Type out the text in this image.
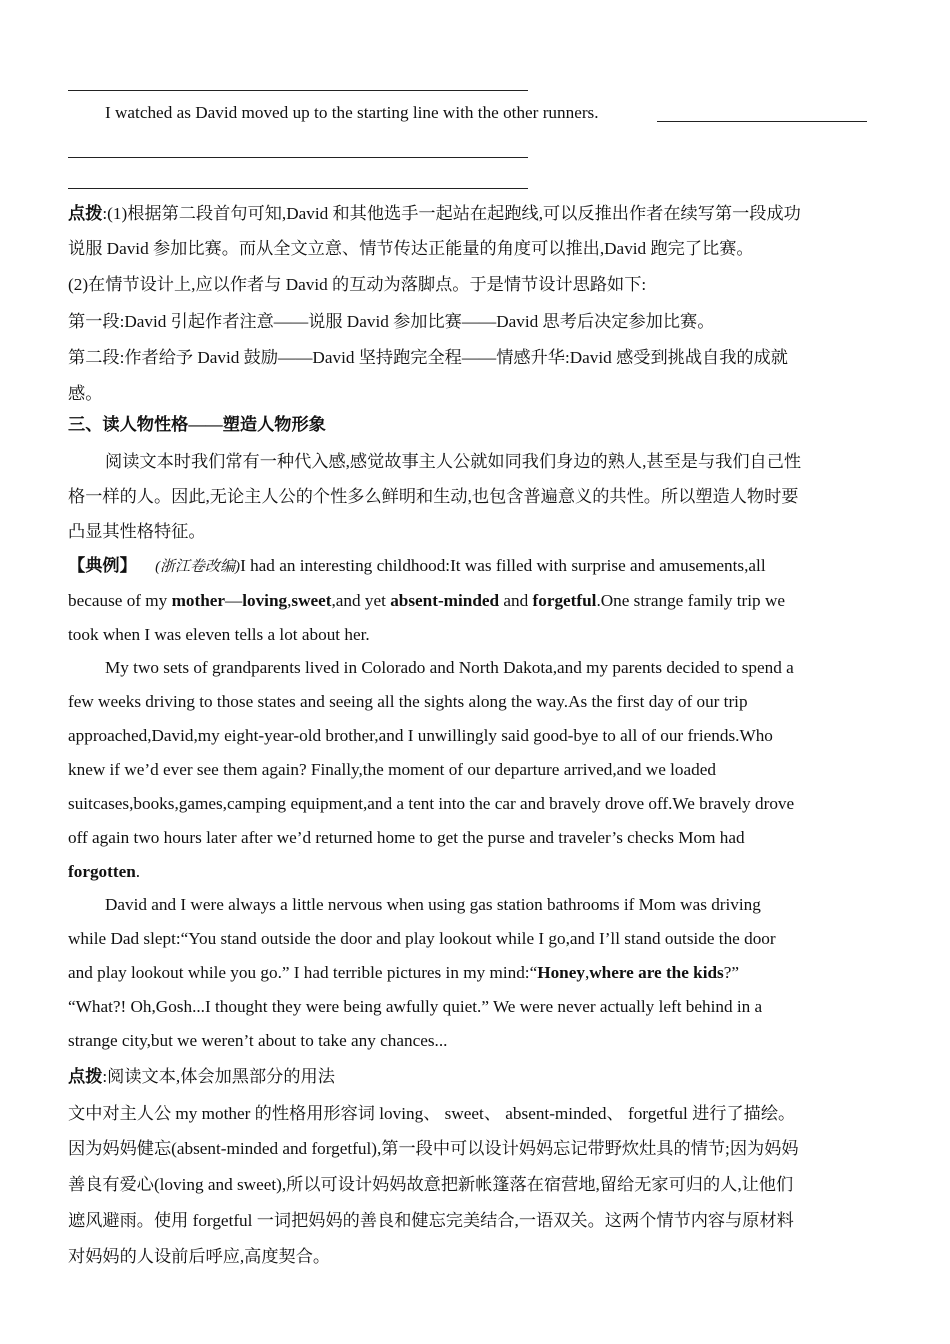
I watched as David moved up to the starting line with the other runners.
点拨:(1)根据第二段首句可知,David 和其他选手一起站在起跑线,可以反推出作者在续写第一段成功
说服 David 参加比赛。而从全文立意、情节传达正能量的角度可以推出,David 跑完了比赛。
(2)在情节设计上,应以作者与 David 的互动为落脚点。于是情节设计思路如下:
第一段:David 引起作者注意——说服 David 参加比赛——David 思考后决定参加比赛。
第二段:作者给予 David 鼓励——David 坚持跑完全程——情感升华:David 感受到挑战自我的成就
感。
三、读人物性格——塑造人物形象
阅读文本时我们常有一种代入感,感觉故事主人公就如同我们身边的熟人,甚至是与我们自己性
格一样的人。因此,无论主人公的个性多么鲜明和生动,也包含普遍意义的共性。所以塑造人物时要
凸显其性格特征。
【典例】 (浙江卷改编)I had an interesting childhood:It was filled with surprise and amusements,all
because of my mother—loving,sweet,and yet absent-minded and forgetful.One strange family trip we
took when I was eleven tells a lot about her.
My two sets of grandparents lived in Colorado and North Dakota,and my parents decided to spend a
few weeks driving to those states and seeing all the sights along the way.As the first day of our trip
approached,David,my eight-year-old brother,and I unwillingly said good-bye to all of our friends.Who
knew if we’d ever see them again? Finally,the moment of our departure arrived,and we loaded
suitcases,books,games,camping equipment,and a tent into the car and bravely drove off.We bravely drove
off again two hours later after we’d returned home to get the purse and traveler’s checks Mom had
forgotten.
David and I were always a little nervous when using gas station bathrooms if Mom was driving
while Dad slept:“You stand outside the door and play lookout while I go,and I’ll stand outside the door
and play lookout while you go.” I had terrible pictures in my mind:“Honey,where are the kids?”
“What?! Oh,Gosh...I thought they were being awfully quiet.” We were never actually left behind in a
strange city,but we weren’t about to take any chances...
点拨:阅读文本,体会加黑部分的用法
文中对主人公 my mother 的性格用形容词 loving、 sweet、 absent-minded、 forgetful 进行了描绘。
因为妈妈健忘(absent-minded and forgetful),第一段中可以设计妈妈忘记带野炊灶具的情节;因为妈妈
善良有爱心(loving and sweet),所以可设计妈妈故意把新帐篷落在宿营地,留给无家可归的人,让他们
遮风避雨。使用 forgetful 一词把妈妈的善良和健忘完美结合,一语双关。这两个情节内容与原材料
对妈妈的人设前后呼应,高度契合。
